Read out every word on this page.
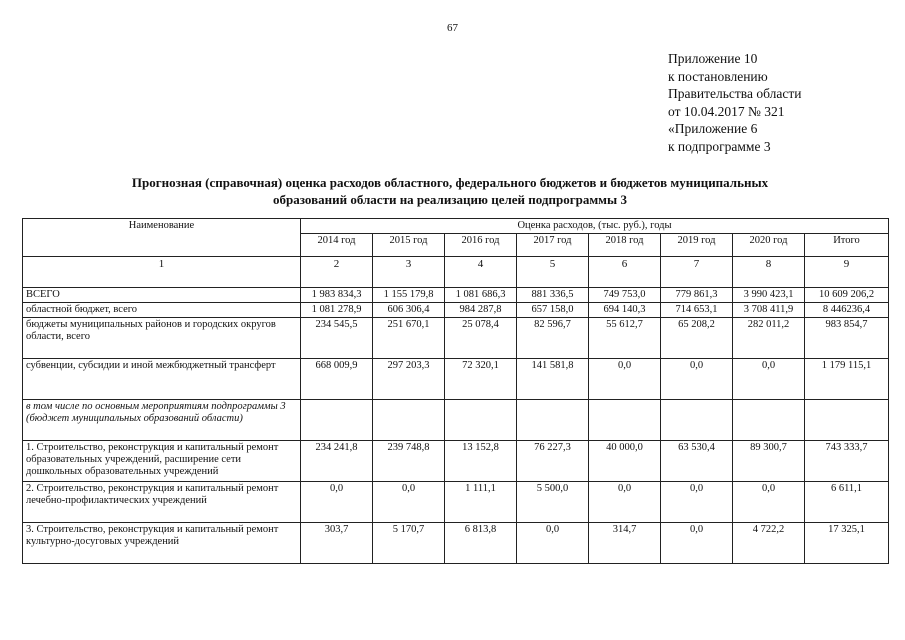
67
Приложение 10
к постановлению
Правительства области
от 10.04.2017 № 321
«Приложение 6
к подпрограмме 3
Прогнозная (справочная) оценка расходов областного, федерального бюджетов и бюджетов муниципальных
образований области на реализацию целей подпрограммы 3
Наименование	Оценка расходов, (тыс. руб.), годы							
	2014 год	2015 год	2016 год	2017 год	2018 год	2019 год	2020 год	Итого
1	2	3	4	5	6	7	8	9
ВСЕГО	1 983 834,3	1 155 179,8	1 081 686,3	881 336,5	749 753,0	779 861,3	3 990 423,1	10 609 206,2
областной бюджет, всего	1 081 278,9	606 306,4	984 287,8	657 158,0	694 140,3	714 653,1	3 708 411,9	8 446236,4
бюджеты муниципальных районов и городских округов области, всего	234 545,5	251 670,1	25 078,4	82 596,7	55 612,7	65 208,2	282 011,2	983 854,7
субвенции, субсидии и иной межбюджетный трансферт	668 009,9	297 203,3	72 320,1	141 581,8	0,0	0,0	0,0	1 179 115,1
в том числе по основным мероприятиям подпрограммы 3 (бюджет муниципальных образований области)								
1. Строительство, реконструкция и капитальный ремонт образовательных учреждений, расширение сети дошкольных образовательных учреждений	234 241,8	239 748,8	13 152,8	76 227,3	40 000,0	63 530,4	89 300,7	743 333,7
2. Строительство, реконструкция и капитальный ремонт лечебно-профилактических учреждений	0,0	0,0	1 111,1	5 500,0	0,0	0,0	0,0	6 611,1
3. Строительство, реконструкция и капитальный ремонт культурно-досуговых учреждений	303,7	5 170,7	6 813,8	0,0	314,7	0,0	4 722,2	17 325,1
